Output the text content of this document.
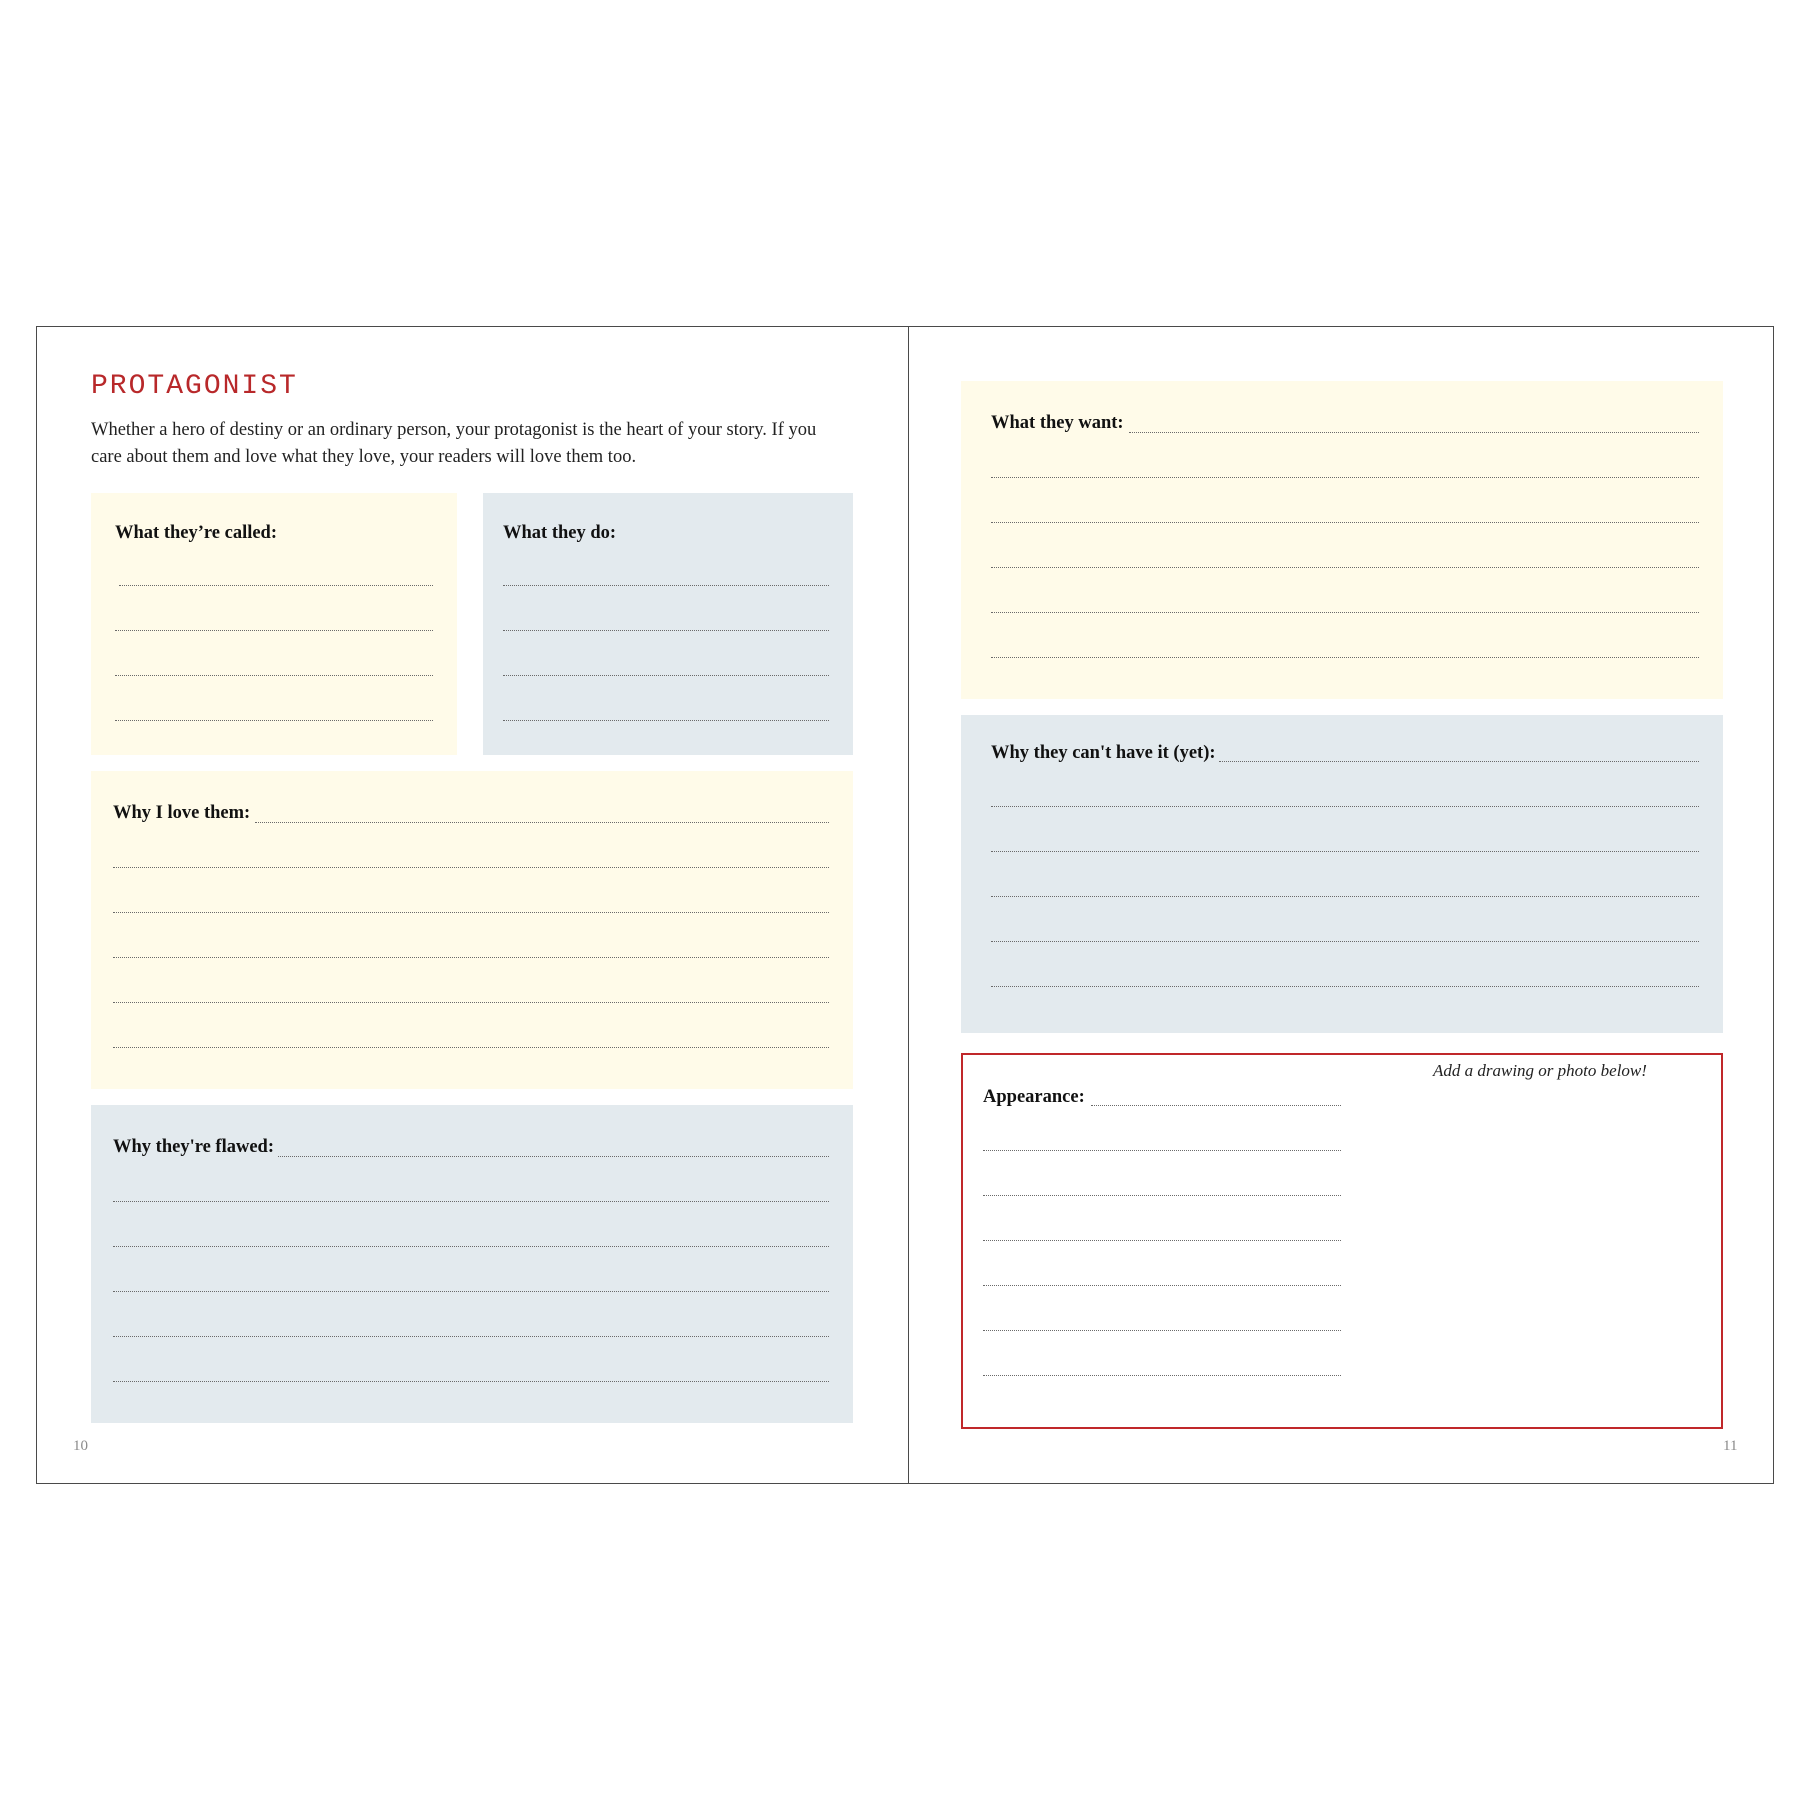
PROTAGONIST

Whether a hero of destiny or an ordinary person, your protagonist is the heart of your story. If you care about them and love what they love, your readers will love them too.

What they’re called:	What they do:
Why I love them:
Why they're flawed:
10
What they want:
Why they can't have it (yet):
Add a drawing or photo below!
Appearance:
11
